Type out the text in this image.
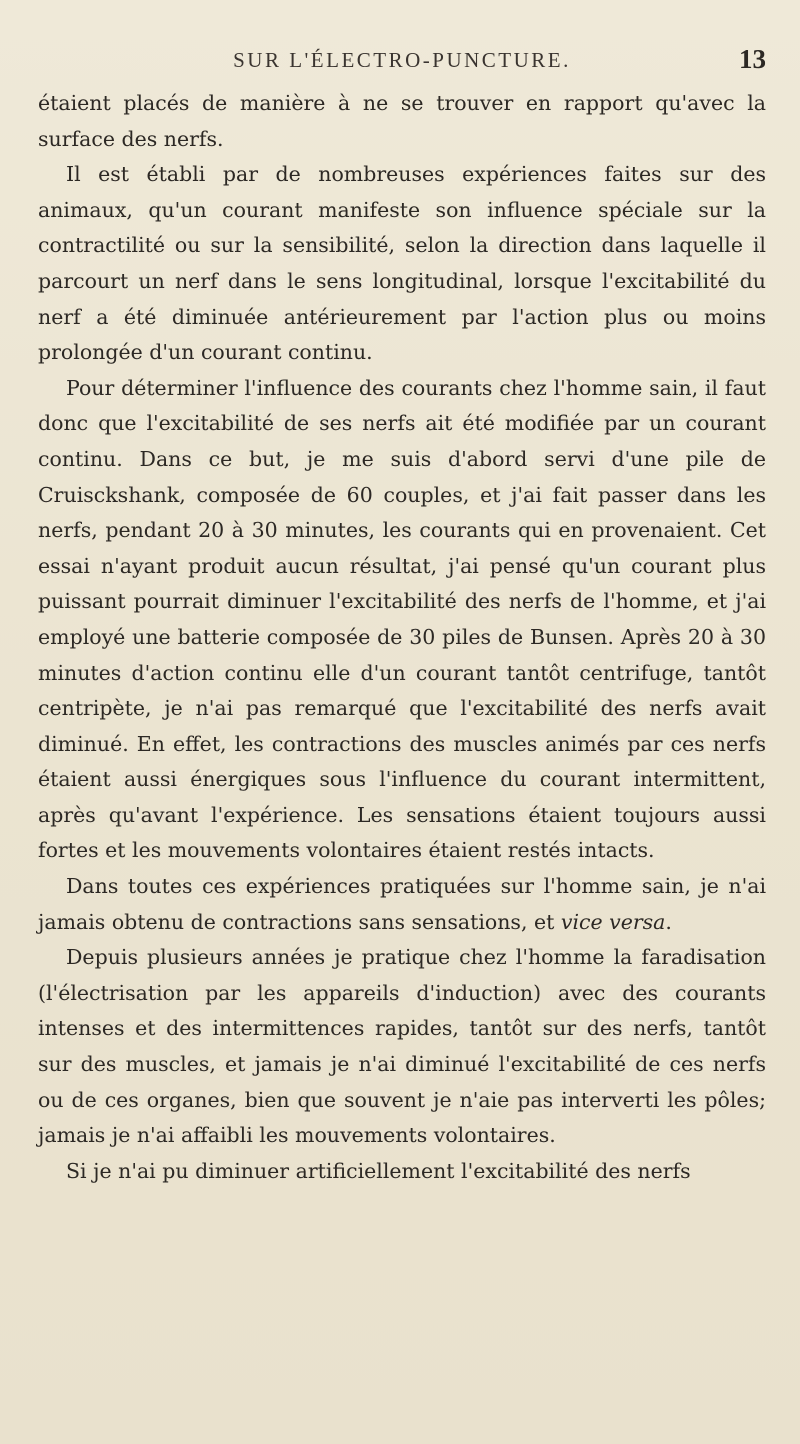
SUR L'ÉLECTRO-PUNCTURE.	13

étaient placés de manière à ne se trouver en rapport qu'avec la surface des nerfs.

Il est établi par de nombreuses expériences faites sur des animaux, qu'un courant manifeste son influence spéciale sur la contractilité ou sur la sensibilité, selon la direction dans laquelle il parcourt un nerf dans le sens longitudinal, lorsque l'excitabilité du nerf a été diminuée antérieurement par l'action plus ou moins prolongée d'un courant continu.

Pour déterminer l'influence des courants chez l'homme sain, il faut donc que l'excitabilité de ses nerfs ait été modifiée par un courant continu. Dans ce but, je me suis d'abord servi d'une pile de Cruisckshank, composée de 60 couples, et j'ai fait passer dans les nerfs, pendant 20 à 30 minutes, les courants qui en provenaient. Cet essai n'ayant produit aucun résultat, j'ai pensé qu'un courant plus puissant pourrait diminuer l'excitabilité des nerfs de l'homme, et j'ai employé une batterie composée de 30 piles de Bunsen. Après 20 à 30 minutes d'action continu elle d'un courant tantôt centrifuge, tantôt centripète, je n'ai pas remarqué que l'excitabilité des nerfs avait diminué. En effet, les contractions des muscles animés par ces nerfs étaient aussi énergiques sous l'influence du courant intermittent, après qu'avant l'expérience. Les sensations étaient toujours aussi fortes et les mouvements volontaires étaient restés intacts.

Dans toutes ces expériences pratiquées sur l'homme sain, je n'ai jamais obtenu de contractions sans sensations, et vice versa.

Depuis plusieurs années je pratique chez l'homme la faradisation (l'électrisation par les appareils d'induction) avec des courants intenses et des intermittences rapides, tantôt sur des nerfs, tantôt sur des muscles, et jamais je n'ai diminué l'excitabilité de ces nerfs ou de ces organes, bien que souvent je n'aie pas interverti les pôles; jamais je n'ai affaibli les mouvements volontaires.

Si je n'ai pu diminuer artificiellement l'excitabilité des nerfs
